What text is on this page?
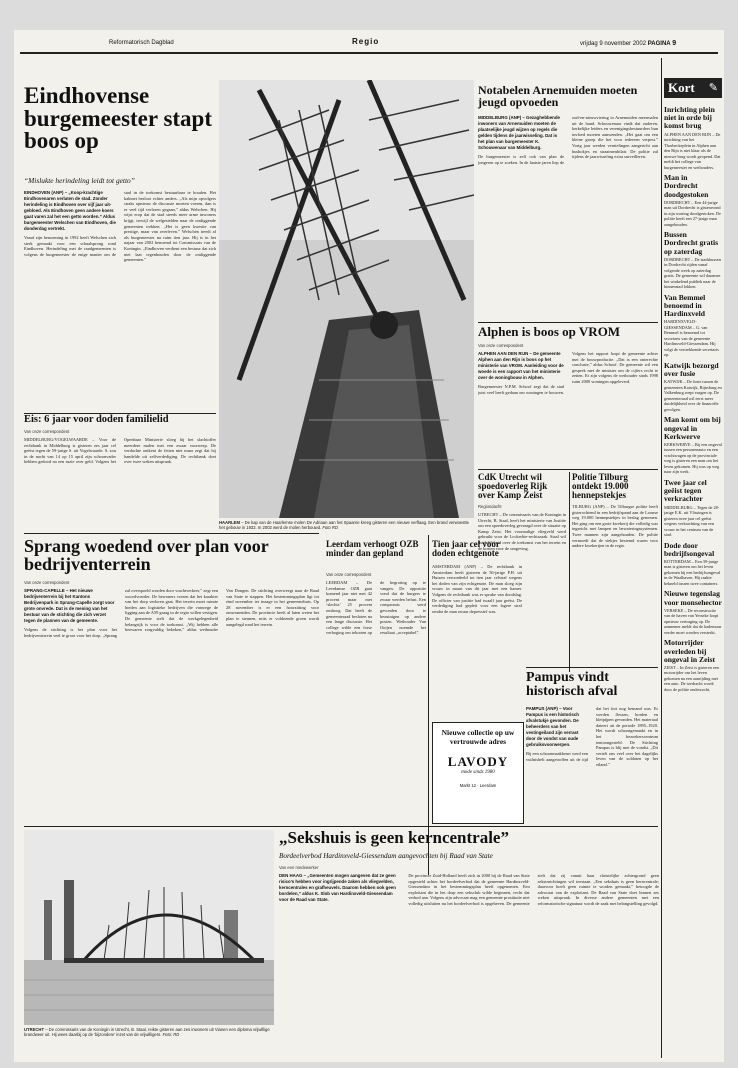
Reformatorisch Dagblad	Regio	vrijdag 9 november 2002 PAGINA 9
Eindhovense burgemeester stapt boos op
“Mislukte herindeling leidt tot getto”
EINDHOVEN (ANP) – „Koop-krachtige Eindhovenaren verlaten de stad. Zonder herindeling is Eindhoven over vijf jaar uit-gebloed. Als Eindhoven geen andere koers gaat varen zal het een getto worden.” Aldus burgemeester Welschen van Eindhoven, die donderdag vertrekt.
Vanaf zijn benoeming in 1992 heeft Welschen zich sterk gemaakt voor een schaalsprong rond Eindhoven. Herindeling met de randgemeenten is volgens de burgemeester de enige manier om de stad in de toekomst bestuurbaar te houden. Het kabinet besloot echter anders. „Als mijn opvolgers straks opnieuw de discussie moeten voeren, dan is er veel tijd verloren gegaan,” aldus Welschen. Hij wijst erop dat de stad steeds meer arme inwoners krijgt, terwijl de welgestelden naar de omliggende gemeenten trekken. „Het is geen kwestie van prestige, maar van overleven.” Welschen treedt af als burgemeester na ruim tien jaar. Hij is in het najaar van 2002 benoemd tot Commissaris van de Koningin. „Eindhoven verdient een bestuur dat zich niet laat tegenhouden door de omliggende gemeenten.”
HAARLEM – De kap van de Haarlemse molen De Adriaan aan het Spaarne kreeg gisteren een nieuwe verflaag. Een brand verwoestte het gebouw in 1932. In 2002 werd de molen herbouwd. Foto RD
Eis: 6 jaar voor doden familielid
Van onze correspondent
MIDDELBURG/VOGELWAARDE – Voor de rechtbank in Middelburg is gisteren zes jaar cel geëist tegen de 59-jarige S. uit Vogelwaarde. S. zou in de nacht van 14 op 15 april zijn schoonvader hebben gedood na een ruzie over geld. Volgens het Openbaar Ministerie sloeg hij het slachtoffer meerdere malen met een zwaar voorwerp. De verdachte ontkent de feiten niet maar zegt dat hij handelde uit zelfverdediging. De rechtbank doet over twee weken uitspraak.
Sprang woedend over plan voor bedrijventerrein
Van onze correspondent
SPRANG-CAPELLE – Het nieuwe bedrijventerrein bij het Kantons Bedrijvenpark in Sprang-Capelle zorgt voor grote onvrede. Dat is de mening van het bestuur van de stichting die zich verzet tegen de plannen van de gemeente.
Volgens de stichting is het plan voor het bedrijventerrein veel te groot voor het dorp. „Sprang zal overspoeld worden door vrachtverkeer,” zegt een woordvoerder. De bewoners vrezen dat het karakter van het dorp verloren gaat. Het terrein moet ruimte bieden aan logistieke bedrijven die vanwege de ligging aan de A59 graag in de regio willen vestigen. De gemeente stelt dat de werkgelegenheid belangrijk is voor de toekomst. „Wij hebben alle bezwaren zorgvuldig bekeken,” aldus wethouder Van Dongen. De stichting overweegt naar de Raad van State te stappen. Het bestemmingsplan ligt tot eind november ter inzage in het gemeentehuis. Op 28 november is er een hoorzitting voor omwonenden. De provincie heeft al laten weten het plan te steunen, mits er voldoende groen wordt aangelegd rond het terrein.
Leerdam verhoogt OZB minder dan gepland
Van onze correspondent
LEERDAM – De Leerdamse OZB gaat komend jaar niet met 42 procent maar met ‘slechts’ 25 procent omhoog. Dat heeft de gemeenteraad besloten na een lange discussie. Het college wilde een forse verhoging om tekorten op de begroting op te vangen. De oppositie vond dat de burgers te zwaar werden belast. Een compromis werd gevonden door te bezuinigen op andere posten. Wethouder Van Ooijen noemde het resultaat „acceptabel”.
Tien jaar cel voor doden echtgenote
AMSTERDAM (ANP) – De rechtbank in Amsterdam heeft gisteren de 56-jarige P.H. uit Huizen veroordeeld tot tien jaar celstraf wegens het doden van zijn echtgenote. De man sloeg zijn vrouw in maart van dit jaar met een hamer. Volgens de rechtbank was er sprake van doodslag. De officier van justitie had twaalf jaar geëist. De verdediging had gepleit voor een lagere straf omdat de man zwaar depressief was.
Nieuwe collectie op uw vertrouwde adres
LAVODY
mode sinds 1980
Markt 12 · Leerdam
Notabelen Arnemuiden moeten jeugd opvoeden
MIDDELBURG (ANP) – Gezaghebbende inwoners van Arnemuiden moeten de plaatselijke jeugd wijzen op regels die gelden tijdens de jaarwisseling. Dat is het plan van burgemeester K. Schouwenaar van Middelburg.
De burgemeester is zelf ook van plan de jongeren op te zoeken. In de laatste jaren liep de oud-en-nieuwviering in Arnemuiden meermalen uit de hand. Schouwenaar vindt dat ouderen, kerkelijke leiders en verenigingsbestuurders hun invloed moeten aanwenden. „Het gaat om een kleine groep die het voor iedereen verpest.” Vorig jaar werden vernielingen aangericht aan bushokjes en straatmeubilair. De politie zal tijdens de jaarwisseling extra surveilleren.
Alphen is boos op VROM
Van onze correspondent
ALPHEN AAN DEN RIJN – De gemeente Alphen aan den Rijn is boos op het ministerie van VROM. Aanleiding voor de woede is een rapport van het ministerie over de woningbouw in Alphen.
Burgemeester N.P.M. Schoof zegt dat de stad juist veel heeft gedaan om woningen te bouwen. Volgens het rapport loopt de gemeente achter met de bouwproductie. „Dat is een onterechte conclusie,” aldus Schoof. De gemeente wil een gesprek met de minister om de cijfers recht te zetten. Er zijn volgens de wethouder sinds 1998 ruim 2000 woningen opgeleverd.
CdK Utrecht wil spoedoverleg Rijk over Kamp Zeist
Regiondacht
UTRECHT – De commissaris van de Koningin in Utrecht, B. Staal, heeft het ministerie van Justitie om een spoedoverleg gevraagd over de situatie op Kamp Zeist. Het voormalige vliegveld werd gebruikt voor de Lockerbie-rechtszaak. Staal wil duidelijkheid over de toekomst van het terrein en de kosten voor de omgeving.
Politie Tilburg ontdekt 19.000 hennepstekjes
TILBURG (ANP) – De Tilburgse politie heeft gisterochtend in een bedrijfspand aan de Loonse weg 19.000 hennepstekjes in beslag genomen. Het ging om een grote kwekerij die volledig was ingericht met lampen en bewateringssystemen. Twee mannen zijn aangehouden. De politie vermoedt dat de stekjes bestemd waren voor andere kwekerijen in de regio.
Pampus vindt historisch afval
PAMPUS (ANP) – Voor Pampus is een historisch afvalstukje gevonden. De beheerders van het vestingeiland zijn verrast door de vondst van oude gebruiksvoorwerpen.
Bij een schoonmaakbeurt werd een vuilnisbelt aangetroffen uit de tijd dat het fort nog bemand was. Er werden flessen, borden en kleipijpen gevonden. Het materiaal dateert uit de periode 1895–1920. Het wordt schoongemaakt en in het bezoekerscentrum tentoongesteld. De Stichting Pampus is blij met de vondst. „Dit vertelt ons veel over het dagelijks leven van de soldaten op het eiland.”
„Sekshuis is geen kerncentrale”
Bordeelverbod Hardinxveld-Giessendam aangevochten bij Raad van State
Van een medewerker
DEN HAAG – „Gemeenten mogen aangeven dat ze geen risico’s hebben voor ingrijpende zaken als vliegvelden, kerncentrales en grafheuvels. Daarom hebben ook geen bordelen,” aldus K. Slob van Hardinxveld-Giessendam voor de Raad van State.
De provincie Zuid-Holland heeft zich in 2000 bij de Raad van State opgesteld achter het bordeelverbod dat de gemeente Hardinxveld-Giessendam in het bestemmingsplan heeft opgenomen. Een exploitant die in het dorp een seksclub wilde beginnen, vecht dat verbod aan. Volgens zijn advocaat mag een gemeente prostitutie niet volledig uitsluiten nu het bordeelverbod is opgeheven. De gemeente stelt dat zij vanuit haar christelijke achtergrond geen seksinrichtingen wil toestaan. „Een sekshuis is geen kerncentrale; daarvoor hoeft geen ruimte te worden gemaakt,” betoogde de advocaat van de exploitant. De Raad van State doet binnen zes weken uitspraak. In diverse andere gemeenten met een reformatorische signatuur wordt de zaak met belangstelling gevolgd.
UTRECHT – De commissaris van de Koningin in Utrecht, B. Staal, reikte gisteren aan zes inwoners uit Vianen een diploma vrijwillige brandweer uit. Hij wees daarbij op de ‘bijzondere’ inzet van de vrijwilligers. Foto: RD
Kort ✎
Inrichting plein niet in orde bij komst brug
ALPHEN AAN DEN RIJN – De inrichting van het Thorbeckeplein in Alphen aan den Rijn is niet klaar als de nieuwe brug wordt geopend. Dat meldt het college van burgemeester en wethouders.
Man in Dordrecht doodgestoken
DORDRECHT – Een 44-jarige man uit Dordrecht is gisteravond in zijn woning doodgestoken. De politie heeft een 27-jarige man aangehouden.
Bussen Dordrecht gratis op zaterdag
DORDRECHT – De stadsbussen in Dordrecht rijden vanaf volgende week op zaterdag gratis. De gemeente wil daarmee het winkelend publiek naar de binnenstad lokken.
Van Bemmel benoemd in Hardinxveld
HARDINXVELD-GIESSENDAM – G. van Bemmel is benoemd tot secretaris van de gemeente Hardinxveld-Giessendam. Hij volgt de vertrekkende secretaris op.
Katwijk bezorgd over fusie
KATWIJK – De fusie tussen de gemeenten Katwijk, Rijnsburg en Valkenburg roept vragen op. De gemeenteraad wil eerst meer duidelijkheid over de financiële gevolgen.
Man komt om bij ongeval in Kerkwerve
KERKWERVE – Bij een ongeval tussen een personenauto en een vrachtwagen op de provinciale weg is gisteren een man om het leven gekomen. Hij was op weg naar zijn werk.
Twee jaar cel geëist tegen verkrachter
MIDDELBURG – Tegen de 28-jarige E.K. uit Vlissingen is gisteren twee jaar cel geëist wegens verkrachting van een vrouw in het centrum van de stad.
Dode door bedrijfsongeval
ROTTERDAM – Een 39-jarige man is gisteren om het leven gekomen bij een bedrijfsongeval in de Waalhaven. Hij raakte bekneld tussen twee containers.
Nieuwe tegenslag voor monsehector
VERSEKE – De reconstructie van de haven van Yerseke loopt opnieuw vertraging op. De aannemer meldt dat de kademuur verder moet worden versterkt.
Motorrijder overleden bij ongeval in Zeist
ZEIST – In Zeist is gisteren een motorrijder om het leven gekomen na een aanrijding met een auto. De toedracht wordt door de politie onderzocht.
